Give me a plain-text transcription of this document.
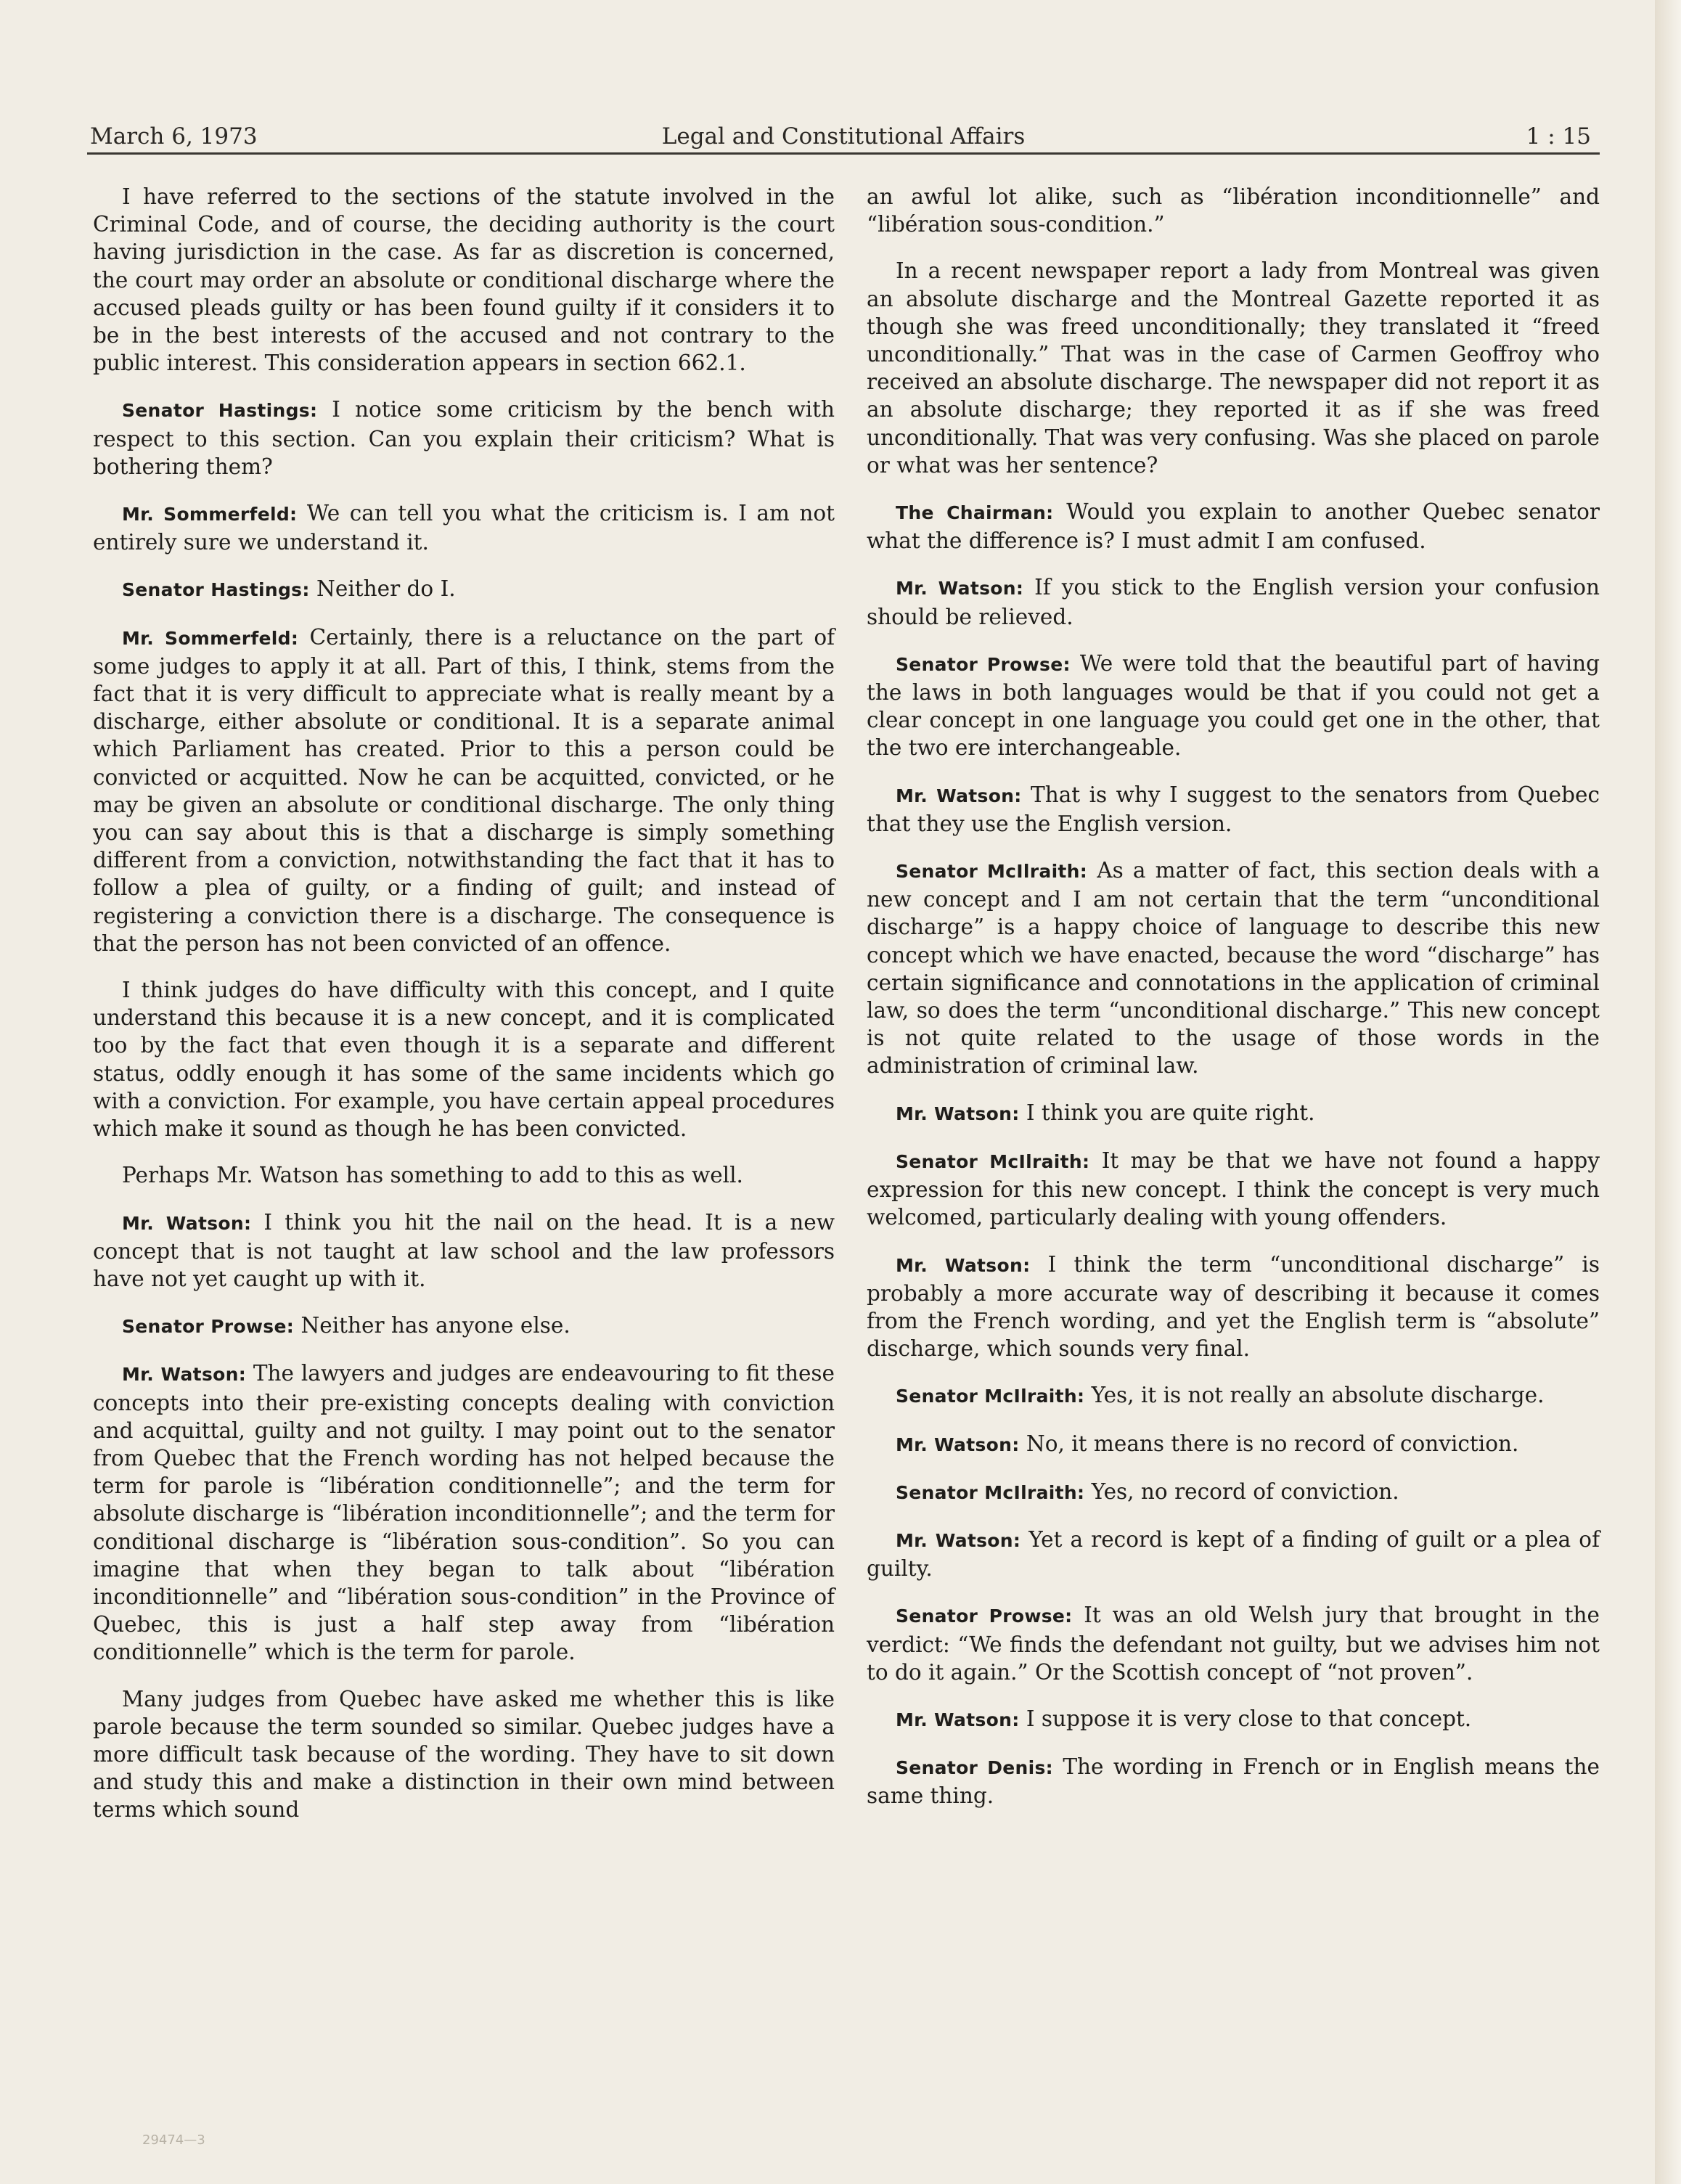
March 6, 1973	Legal and Constitutional Affairs	1 : 15

I have referred to the sections of the statute involved in the Criminal Code, and of course, the deciding authority is the court having jurisdiction in the case. As far as discretion is concerned, the court may order an absolute or conditional discharge where the accused pleads guilty or has been found guilty if it considers it to be in the best interests of the accused and not contrary to the public interest. This consideration appears in section 662.1.

Senator Hastings: I notice some criticism by the bench with respect to this section. Can you explain their criticism? What is bothering them?

Mr. Sommerfeld: We can tell you what the criticism is. I am not entirely sure we understand it.

Senator Hastings: Neither do I.

Mr. Sommerfeld: Certainly, there is a reluctance on the part of some judges to apply it at all. Part of this, I think, stems from the fact that it is very difficult to appreciate what is really meant by a discharge, either absolute or conditional. It is a separate animal which Parliament has created. Prior to this a person could be convicted or acquitted. Now he can be acquitted, convicted, or he may be given an absolute or conditional discharge. The only thing you can say about this is that a discharge is simply something different from a conviction, notwithstanding the fact that it has to follow a plea of guilty, or a finding of guilt; and instead of registering a conviction there is a discharge. The consequence is that the person has not been convicted of an offence.

I think judges do have difficulty with this concept, and I quite understand this because it is a new concept, and it is complicated too by the fact that even though it is a separate and different status, oddly enough it has some of the same incidents which go with a conviction. For example, you have certain appeal procedures which make it sound as though he has been convicted.

Perhaps Mr. Watson has something to add to this as well.

Mr. Watson: I think you hit the nail on the head. It is a new concept that is not taught at law school and the law professors have not yet caught up with it.

Senator Prowse: Neither has anyone else.

Mr. Watson: The lawyers and judges are endeavouring to fit these concepts into their pre-existing concepts dealing with conviction and acquittal, guilty and not guilty. I may point out to the senator from Quebec that the French wording has not helped because the term for parole is “libération conditionnelle”; and the term for absolute discharge is “libération inconditionnelle”; and the term for conditional discharge is “libération sous-condition”. So you can imagine that when they began to talk about “libération inconditionnelle” and “libération sous-condition” in the Province of Quebec, this is just a half step away from “libération conditionnelle” which is the term for parole.

Many judges from Quebec have asked me whether this is like parole because the term sounded so similar. Quebec judges have a more difficult task because of the wording. They have to sit down and study this and make a distinction in their own mind between terms which sound

an awful lot alike, such as “libération inconditionnelle” and “libération sous-condition.”

In a recent newspaper report a lady from Montreal was given an absolute discharge and the Montreal Gazette reported it as though she was freed unconditionally; they translated it “freed unconditionally.” That was in the case of Carmen Geoffroy who received an absolute discharge. The newspaper did not report it as an absolute discharge; they reported it as if she was freed unconditionally. That was very confusing. Was she placed on parole or what was her sentence?

The Chairman: Would you explain to another Quebec senator what the difference is? I must admit I am confused.

Mr. Watson: If you stick to the English version your confusion should be relieved.

Senator Prowse: We were told that the beautiful part of having the laws in both languages would be that if you could not get a clear concept in one language you could get one in the other, that the two ere interchangeable.

Mr. Watson: That is why I suggest to the senators from Quebec that they use the English version.

Senator McIlraith: As a matter of fact, this section deals with a new concept and I am not certain that the term “unconditional discharge” is a happy choice of language to describe this new concept which we have enacted, because the word “discharge” has certain significance and connotations in the application of criminal law, so does the term “unconditional discharge.” This new concept is not quite related to the usage of those words in the administration of criminal law.

Mr. Watson: I think you are quite right.

Senator McIlraith: It may be that we have not found a happy expression for this new concept. I think the concept is very much welcomed, particularly dealing with young offenders.

Mr. Watson: I think the term “unconditional discharge” is probably a more accurate way of describing it because it comes from the French wording, and yet the English term is “absolute” discharge, which sounds very final.

Senator McIlraith: Yes, it is not really an absolute discharge.

Mr. Watson: No, it means there is no record of conviction.

Senator McIlraith: Yes, no record of conviction.

Mr. Watson: Yet a record is kept of a finding of guilt or a plea of guilty.

Senator Prowse: It was an old Welsh jury that brought in the verdict: “We finds the defendant not guilty, but we advises him not to do it again.” Or the Scottish concept of “not proven”.

Mr. Watson: I suppose it is very close to that concept.

Senator Denis: The wording in French or in English means the same thing.

29474—3
